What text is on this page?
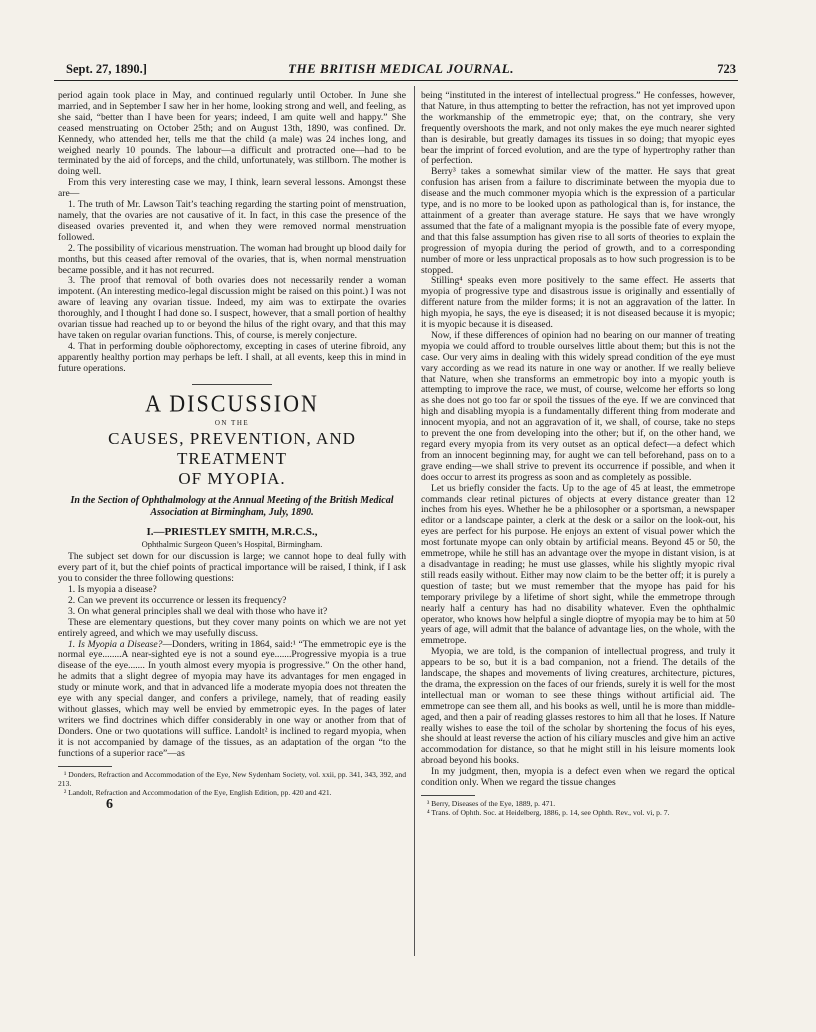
Sept. 27, 1890.]	THE BRITISH MEDICAL JOURNAL.	723

period again took place in May, and continued regularly until October. In June she married, and in September I saw her in her home, looking strong and well, and feeling, as she said, “better than I have been for years; indeed, I am quite well and happy.” She ceased menstruating on October 25th; and on August 13th, 1890, was confined. Dr. Kennedy, who attended her, tells me that the child (a male) was 24 inches long, and weighed nearly 10 pounds. The labour—a difficult and protracted one—had to be terminated by the aid of forceps, and the child, unfortunately, was stillborn. The mother is doing well.

From this very interesting case we may, I think, learn several lessons. Amongst these are—

1. The truth of Mr. Lawson Tait’s teaching regarding the starting point of menstruation, namely, that the ovaries are not causative of it. In fact, in this case the presence of the diseased ovaries prevented it, and when they were removed normal menstruation followed.

2. The possibility of vicarious menstruation. The woman had brought up blood daily for months, but this ceased after removal of the ovaries, that is, when normal menstruation became possible, and it has not recurred.

3. The proof that removal of both ovaries does not necessarily render a woman impotent. (An interesting medico-legal discussion might be raised on this point.) I was not aware of leaving any ovarian tissue. Indeed, my aim was to extirpate the ovaries thoroughly, and I thought I had done so. I suspect, however, that a small portion of healthy ovarian tissue had reached up to or beyond the hilus of the right ovary, and that this may have taken on regular ovarian functions. This, of course, is merely conjecture.

4. That in performing double oöphorectomy, excepting in cases of uterine fibroid, any apparently healthy portion may perhaps be left. I shall, at all events, keep this in mind in future operations.

A DISCUSSION
ON THE
CAUSES, PREVENTION, AND TREATMENT
OF MYOPIA.
In the Section of Ophthalmology at the Annual Meeting of the British Medical Association at Birmingham, July, 1890.
I.—PRIESTLEY SMITH, M.R.C.S.,
Ophthalmic Surgeon Queen’s Hospital, Birmingham.

The subject set down for our discussion is large; we cannot hope to deal fully with every part of it, but the chief points of practical importance will be raised, I think, if I ask you to consider the three following questions:

1. Is myopia a disease?

2. Can we prevent its occurrence or lessen its frequency?

3. On what general principles shall we deal with those who have it?

These are elementary questions, but they cover many points on which we are not yet entirely agreed, and which we may usefully discuss.

1. Is Myopia a Disease?—Donders, writing in 1864, said:¹ “The emmetropic eye is the normal eye........A near-sighted eye is not a sound eye.......Progressive myopia is a true disease of the eye....... In youth almost every myopia is progressive.” On the other hand, he admits that a slight degree of myopia may have its advantages for men engaged in study or minute work, and that in advanced life a moderate myopia does not threaten the eye with any special danger, and confers a privilege, namely, that of reading easily without glasses, which may well be envied by emmetropic eyes. In the pages of later writers we find doctrines which differ considerably in one way or another from that of Donders. One or two quotations will suffice. Landolt² is inclined to regard myopia, when it is not accompanied by damage of the tissues, as an adaptation of the organ “to the functions of a superior race”—as

¹ Donders, Refraction and Accommodation of the Eye, New Sydenham Society, vol. xxii, pp. 341, 343, 392, and 213.
² Landolt, Refraction and Accommodation of the Eye, English Edition, pp. 420 and 421.
6

being “instituted in the interest of intellectual progress.” He confesses, however, that Nature, in thus attempting to better the refraction, has not yet improved upon the workmanship of the emmetropic eye; that, on the contrary, she very frequently overshoots the mark, and not only makes the eye much nearer sighted than is desirable, but greatly damages its tissues in so doing; that myopic eyes bear the imprint of forced evolution, and are the type of hypertrophy rather than of perfection.

Berry³ takes a somewhat similar view of the matter. He says that great confusion has arisen from a failure to discriminate between the myopia due to disease and the much commoner myopia which is the expression of a particular type, and is no more to be looked upon as pathological than is, for instance, the attainment of a greater than average stature. He says that we have wrongly assumed that the fate of a malignant myopia is the possible fate of every myope, and that this false assumption has given rise to all sorts of theories to explain the progression of myopia during the period of growth, and to a corresponding number of more or less unpractical proposals as to how such progression is to be stopped.

Stilling⁴ speaks even more positively to the same effect. He asserts that myopia of progressive type and disastrous issue is originally and essentially of different nature from the milder forms; it is not an aggravation of the latter. In high myopia, he says, the eye is diseased; it is not diseased because it is myopic; it is myopic because it is diseased.

Now, if these differences of opinion had no bearing on our manner of treating myopia we could afford to trouble ourselves little about them; but this is not the case. Our very aims in dealing with this widely spread condition of the eye must vary according as we read its nature in one way or another. If we really believe that Nature, when she transforms an emmetropic boy into a myopic youth is attempting to improve the race, we must, of course, welcome her efforts so long as she does not go too far or spoil the tissues of the eye. If we are convinced that high and disabling myopia is a fundamentally different thing from moderate and innocent myopia, and not an aggravation of it, we shall, of course, take no steps to prevent the one from developing into the other; but if, on the other hand, we regard every myopia from its very outset as an optical defect—a defect which from an innocent beginning may, for aught we can tell beforehand, pass on to a grave ending—we shall strive to prevent its occurrence if possible, and when it does occur to arrest its progress as soon and as completely as possible.

Let us briefly consider the facts. Up to the age of 45 at least, the emmetrope commands clear retinal pictures of objects at every distance greater than 12 inches from his eyes. Whether he be a philosopher or a sportsman, a newspaper editor or a landscape painter, a clerk at the desk or a sailor on the look-out, his eyes are perfect for his purpose. He enjoys an extent of visual power which the most fortunate myope can only obtain by artificial means. Beyond 45 or 50, the emmetrope, while he still has an advantage over the myope in distant vision, is at a disadvantage in reading; he must use glasses, while his slightly myopic rival still reads easily without. Either may now claim to be the better off; it is purely a question of taste; but we must remember that the myope has paid for his temporary privilege by a lifetime of short sight, while the emmetrope through nearly half a century has had no disability whatever. Even the ophthalmic operator, who knows how helpful a single dioptre of myopia may be to him at 50 years of age, will admit that the balance of advantage lies, on the whole, with the emmetrope.

Myopia, we are told, is the companion of intellectual progress, and truly it appears to be so, but it is a bad companion, not a friend. The details of the landscape, the shapes and movements of living creatures, architecture, pictures, the drama, the expression on the faces of our friends, surely it is well for the most intellectual man or woman to see these things without artificial aid. The emmetrope can see them all, and his books as well, until he is more than middle-aged, and then a pair of reading glasses restores to him all that he loses. If Nature really wishes to ease the toil of the scholar by shortening the focus of his eyes, she should at least reverse the action of his ciliary muscles and give him an active accommodation for distance, so that he might still in his leisure moments look abroad beyond his books.

In my judgment, then, myopia is a defect even when we regard the optical condition only. When we regard the tissue changes

³ Berry, Diseases of the Eye, 1889, p. 471.
⁴ Trans. of Ophth. Soc. at Heidelberg, 1886, p. 14, see Ophth. Rev., vol. vi, p. 7.
